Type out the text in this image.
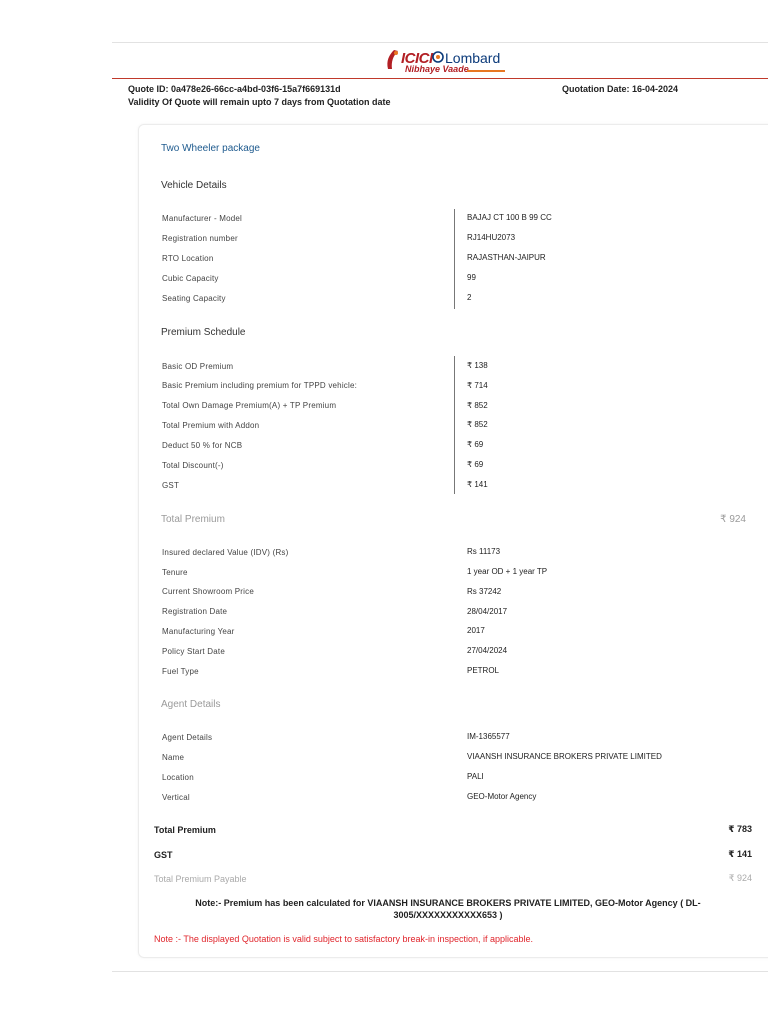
ICICI Lombard
Nibhaye Vaade
Quote ID: 0a478e26-66cc-a4bd-03f6-15a7f669131d
Validity Of Quote will remain upto 7 days from Quotation date
Quotation Date: 16-04-2024
Two Wheeler package
Vehicle Details
Manufacturer - Model	BAJAJ CT 100 B 99 CC
Registration number	RJ14HU2073
RTO Location	RAJASTHAN-JAIPUR
Cubic Capacity	99
Seating Capacity	2
Premium Schedule
Basic OD Premium	₹ 138
Basic Premium including premium for TPPD vehicle:	₹ 714
Total Own Damage Premium(A) + TP Premium	₹ 852
Total Premium with Addon	₹ 852
Deduct 50 % for NCB	₹ 69
Total Discount(-)	₹ 69
GST	₹ 141
Total Premium	₹ 924
Insured declared Value (IDV) (Rs)	Rs 11173
Tenure	1 year OD + 1 year TP
Current Showroom Price	Rs 37242
Registration Date	28/04/2017
Manufacturing Year	2017
Policy Start Date	27/04/2024
Fuel Type	PETROL
Agent Details
Agent Details	IM-1365577
Name	VIAANSH INSURANCE BROKERS PRIVATE LIMITED
Location	PALI
Vertical	GEO-Motor Agency
Total Premium	₹ 783
GST	₹ 141
Total Premium Payable	₹ 924
Note:- Premium has been calculated for VIAANSH INSURANCE BROKERS PRIVATE LIMITED, GEO-Motor Agency ( DL-3005/XXXXXXXXXXX653 )
Note :- The displayed Quotation is valid subject to satisfactory break-in inspection, if applicable.
